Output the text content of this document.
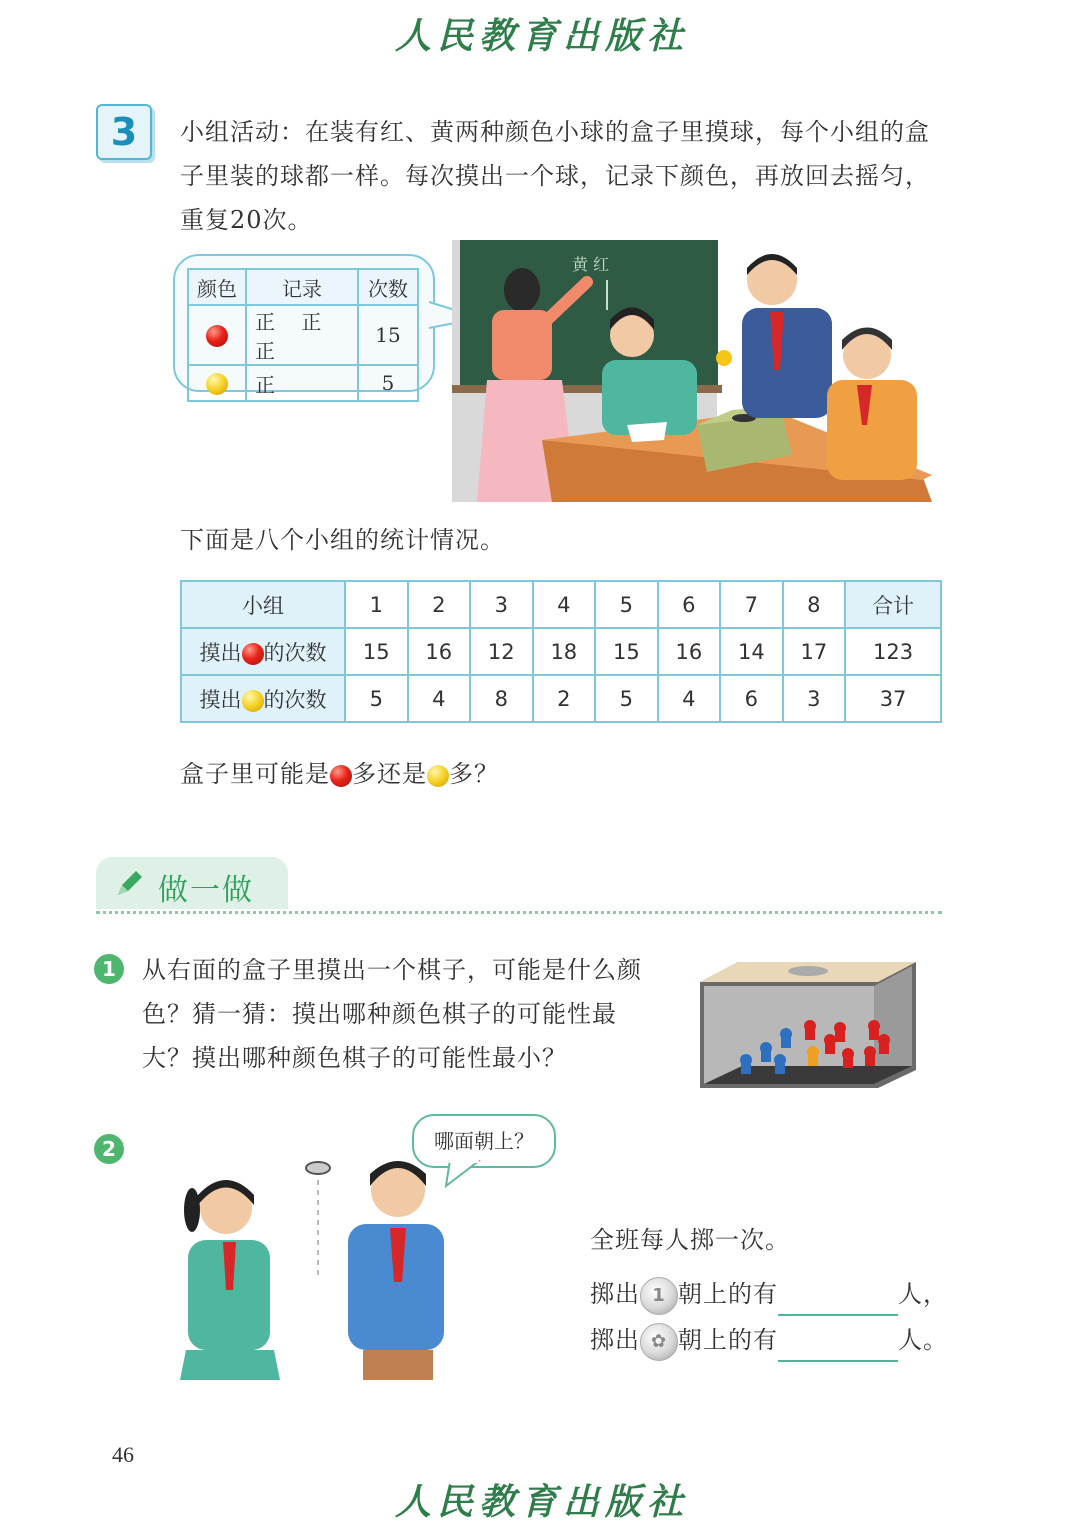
人民教育出版社
3	小组活动：在装有红、黄两种颜色小球的盒子里摸球，每个小组的盒子里装的球都一样。每次摸出一个球，记录下颜色，再放回去摇匀，重复20次。
颜色	记录	次数
	正 正 正	15
	正	5
黄 红
下面是八个小组的统计情况。
小组	1	2	3	4	5	6	7	8	合计
摸出 的次数	15	16	12	18	15	16	14	17	123
摸出 的次数	5	4	8	2	5	4	6	3	37
盒子里可能是 多还是 多？
做一做
1	从右面的盒子里摸出一个棋子，可能是什么颜色？猜一猜：摸出哪种颜色棋子的可能性最大？摸出哪种颜色棋子的可能性最小？
2	哪面朝上？
全班每人掷一次。
掷出 1 朝上的有	人，
掷出 ✿ 朝上的有	人。
46
人民教育出版社
